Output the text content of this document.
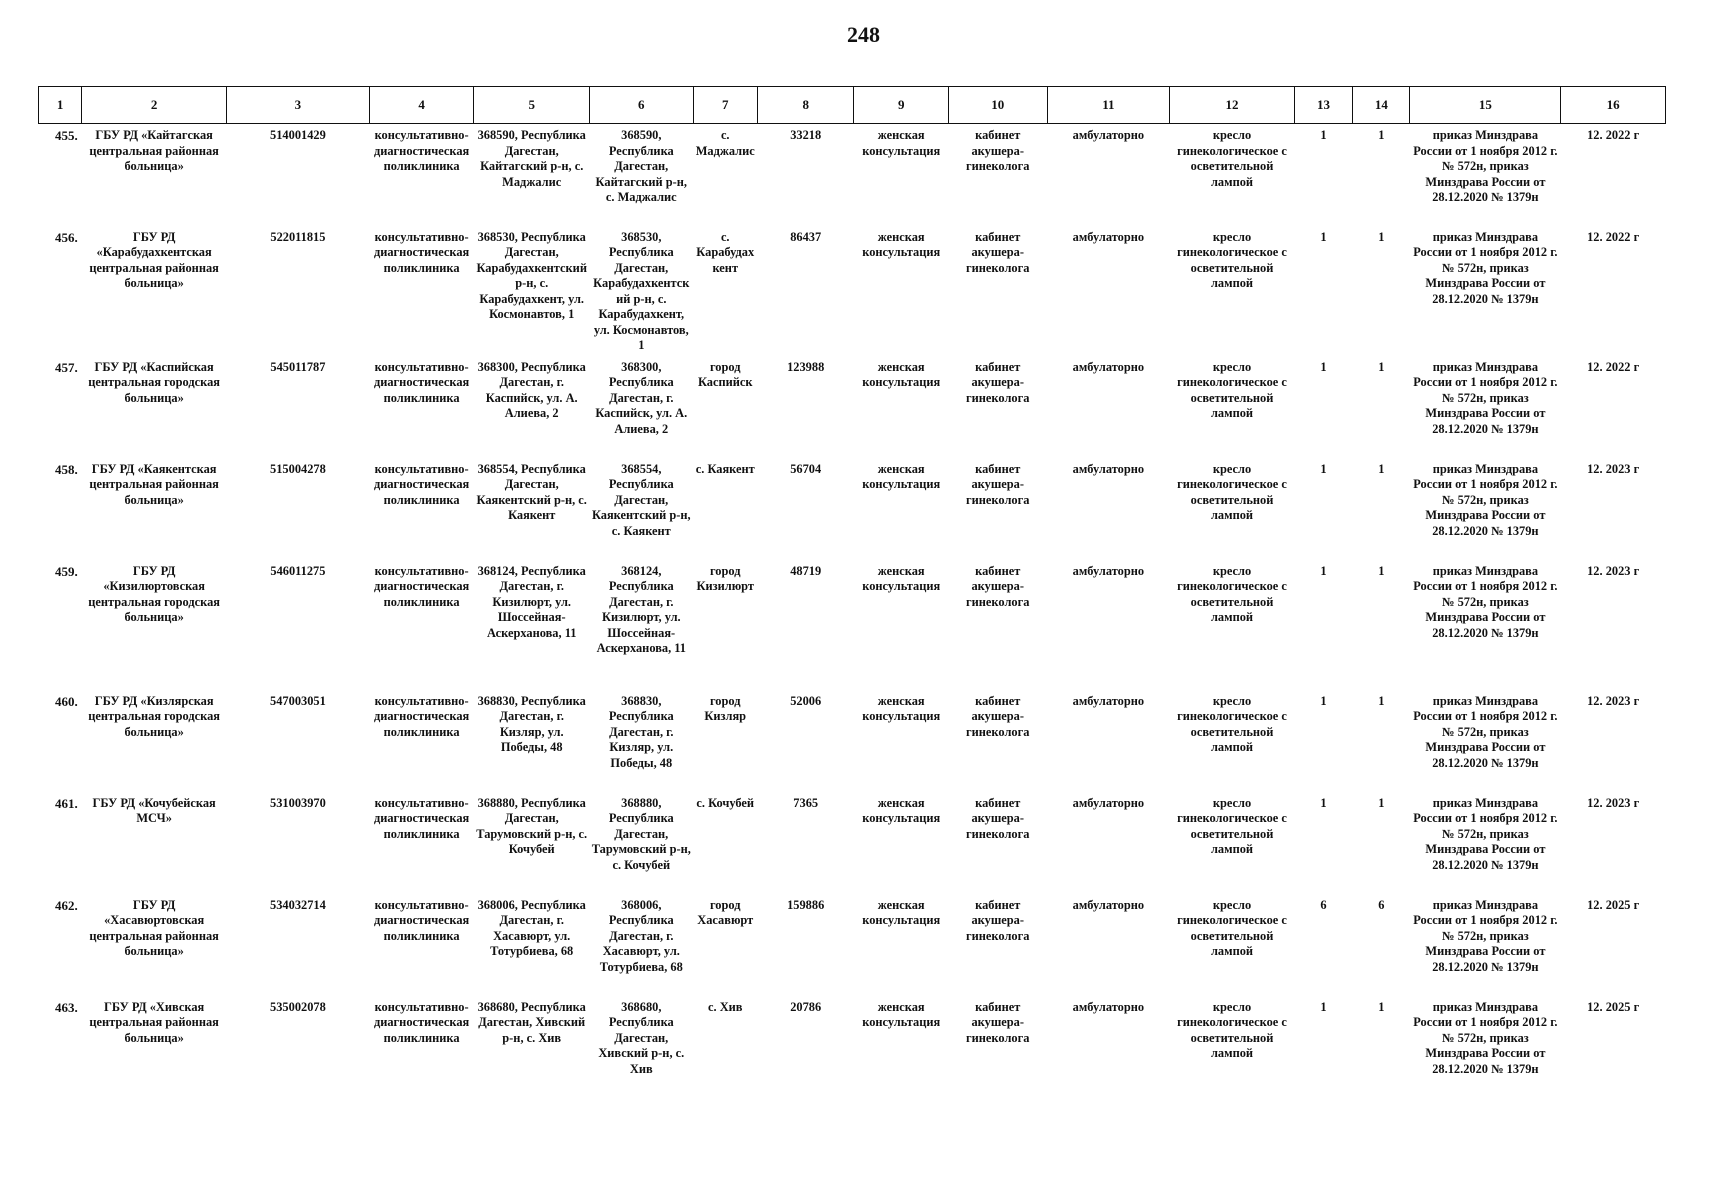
248
1	2	3	4	5	6	7	8	9	10	11	12	13	14	15	16
455.	ГБУ РД «Кайтагская центральная районная больница»	514001429	консультативно-диагностическая поликлиника	368590, Республика Дагестан, Кайтагский р-н, с. Маджалис	368590, Республика Дагестан, Кайтагский р-н, с. Маджалис	с. Маджалис	33218	женская консультация	кабинет акушера-гинеколога	амбулаторно	кресло гинекологическое с осветительной лампой	1	1	приказ Минздрава России от 1 ноября 2012 г. № 572н, приказ Минздрава России от 28.12.2020 № 1379н	12. 2022 г
456.	ГБУ РД «Карабудахкентская центральная районная больница»	522011815	консультативно-диагностическая поликлиника	368530, Республика Дагестан, Карабудахкентский р-н, с. Карабудахкент, ул. Космонавтов, 1	368530, Республика Дагестан, Карабудахкентский р-н, с. Карабудахкент, ул. Космонавтов, 1	с. Карабудахкент	86437	женская консультация	кабинет акушера-гинеколога	амбулаторно	кресло гинекологическое с осветительной лампой	1	1	приказ Минздрава России от 1 ноября 2012 г. № 572н, приказ Минздрава России от 28.12.2020 № 1379н	12. 2022 г
457.	ГБУ РД «Каспийская центральная городская больница»	545011787	консультативно-диагностическая поликлиника	368300, Республика Дагестан, г. Каспийск, ул. А. Алиева, 2	368300, Республика Дагестан, г. Каспийск, ул. А. Алиева, 2	город Каспийск	123988	женская консультация	кабинет акушера-гинеколога	амбулаторно	кресло гинекологическое с осветительной лампой	1	1	приказ Минздрава России от 1 ноября 2012 г. № 572н, приказ Минздрава России от 28.12.2020 № 1379н	12. 2022 г
458.	ГБУ РД «Каякентская центральная районная больница»	515004278	консультативно-диагностическая поликлиника	368554, Республика Дагестан, Каякентский р-н, с. Каякент	368554, Республика Дагестан, Каякентский р-н, с. Каякент	с. Каякент	56704	женская консультация	кабинет акушера-гинеколога	амбулаторно	кресло гинекологическое с осветительной лампой	1	1	приказ Минздрава России от 1 ноября 2012 г. № 572н, приказ Минздрава России от 28.12.2020 № 1379н	12. 2023 г
459.	ГБУ РД «Кизилюртовская центральная городская больница»	546011275	консультативно-диагностическая поликлиника	368124, Республика Дагестан, г. Кизилюрт, ул. Шоссейная-Аскерханова, 11	368124, Республика Дагестан, г. Кизилюрт, ул. Шоссейная-Аскерханова, 11	город Кизилюрт	48719	женская консультация	кабинет акушера-гинеколога	амбулаторно	кресло гинекологическое с осветительной лампой	1	1	приказ Минздрава России от 1 ноября 2012 г. № 572н, приказ Минздрава России от 28.12.2020 № 1379н	12. 2023 г
460.	ГБУ РД «Кизлярская центральная городская больница»	547003051	консультативно-диагностическая поликлиника	368830, Республика Дагестан, г. Кизляр, ул. Победы, 48	368830, Республика Дагестан, г. Кизляр, ул. Победы, 48	город Кизляр	52006	женская консультация	кабинет акушера-гинеколога	амбулаторно	кресло гинекологическое с осветительной лампой	1	1	приказ Минздрава России от 1 ноября 2012 г. № 572н, приказ Минздрава России от 28.12.2020 № 1379н	12. 2023 г
461.	ГБУ РД «Кочубейская МСЧ»	531003970	консультативно-диагностическая поликлиника	368880, Республика Дагестан, Тарумовский р-н, с. Кочубей	368880, Республика Дагестан, Тарумовский р-н, с. Кочубей	с. Кочубей	7365	женская консультация	кабинет акушера-гинеколога	амбулаторно	кресло гинекологическое с осветительной лампой	1	1	приказ Минздрава России от 1 ноября 2012 г. № 572н, приказ Минздрава России от 28.12.2020 № 1379н	12. 2023 г
462.	ГБУ РД «Хасавюртовская центральная районная больница»	534032714	консультативно-диагностическая поликлиника	368006, Республика Дагестан, г. Хасавюрт, ул. Тотурбиева, 68	368006, Республика Дагестан, г. Хасавюрт, ул. Тотурбиева, 68	город Хасавюрт	159886	женская консультация	кабинет акушера-гинеколога	амбулаторно	кресло гинекологическое с осветительной лампой	6	6	приказ Минздрава России от 1 ноября 2012 г. № 572н, приказ Минздрава России от 28.12.2020 № 1379н	12. 2025 г
463.	ГБУ РД «Хивская центральная районная больница»	535002078	консультативно-диагностическая поликлиника	368680, Республика Дагестан, Хивский р-н, с. Хив	368680, Республика Дагестан, Хивский р-н, с. Хив	с. Хив	20786	женская консультация	кабинет акушера-гинеколога	амбулаторно	кресло гинекологическое с осветительной лампой	1	1	приказ Минздрава России от 1 ноября 2012 г. № 572н, приказ Минздрава России от 28.12.2020 № 1379н	12. 2025 г
